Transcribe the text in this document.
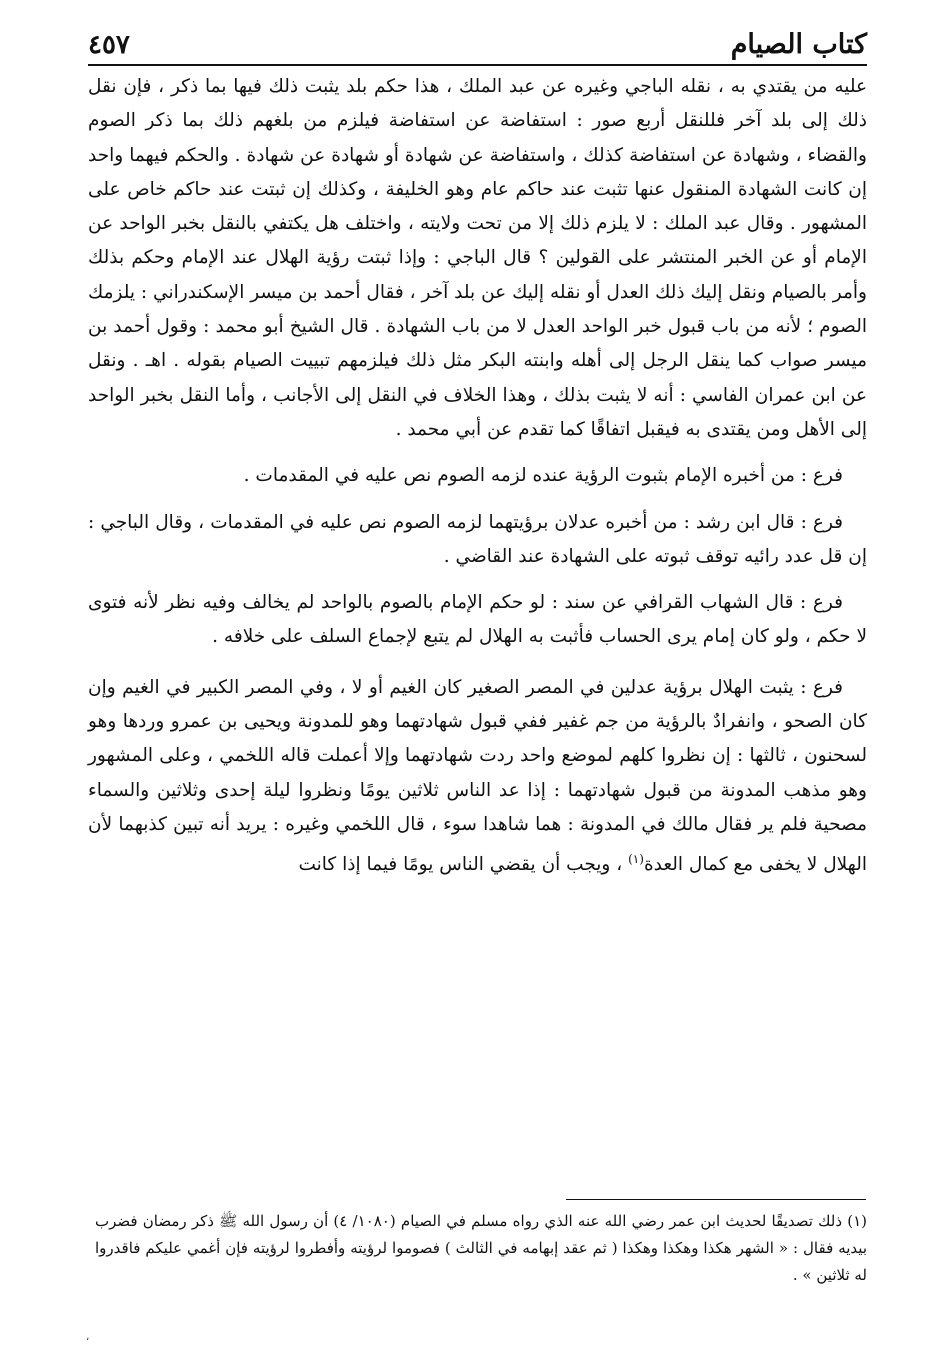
كتاب الصيام
٤٥٧

عليه من يقتدي به ، نقله الباجي وغيره عن عبد الملك ، هذا حكم بلد يثبت ذلك فيها بما ذكر ، فإن نقل ذلك إلى بلد آخر فللنقل أربع صور : استفاضة عن استفاضة فيلزم من بلغهم ذلك بما ذكر الصوم والقضاء ، وشهادة عن استفاضة كذلك ، واستفاضة عن شهادة أو شهادة عن شهادة . والحكم فيهما واحد إن كانت الشهادة المنقول عنها تثبت عند حاكم عام وهو الخليفة ، وكذلك إن ثبتت عند حاكم خاص على المشهور . وقال عبد الملك : لا يلزم ذلك إلا من تحت ولايته ، واختلف هل يكتفي بالنقل بخبر الواحد عن الإمام أو عن الخبر المنتشر على القولين ؟ قال الباجي : وإذا ثبتت رؤية الهلال عند الإمام وحكم بذلك وأمر بالصيام ونقل إليك ذلك العدل أو نقله إليك عن بلد آخر ، فقال أحمد بن ميسر الإسكندراني : يلزمك الصوم ؛ لأنه من باب قبول خبر الواحد العدل لا من باب الشهادة . قال الشيخ أبو محمد : وقول أحمد بن ميسر صواب كما ينقل الرجل إلى أهله وابنته البكر مثل ذلك فيلزمهم تبييت الصيام بقوله . اهـ . ونقل عن ابن عمران الفاسي : أنه لا يثبت بذلك ، وهذا الخلاف في النقل إلى الأجانب ، وأما النقل بخبر الواحد إلى الأهل ومن يقتدى به فيقبل اتفاقًا كما تقدم عن أبي محمد .

فرع : من أخبره الإمام بثبوت الرؤية عنده لزمه الصوم نص عليه في المقدمات .

فرع : قال ابن رشد : من أخبره عدلان برؤيتهما لزمه الصوم نص عليه في المقدمات ، وقال الباجي : إن قل عدد رائيه توقف ثبوته على الشهادة عند القاضي .

فرع : قال الشهاب القرافي عن سند : لو حكم الإمام بالصوم بالواحد لم يخالف وفيه نظر لأنه فتوى لا حكم ، ولو كان إمام يرى الحساب فأثبت به الهلال لم يتبع لإجماع السلف على خلافه .

فرع : يثبت الهلال برؤية عدلين في المصر الصغير كان الغيم أو لا ، وفي المصر الكبير في الغيم وإن كان الصحو ، وانفرادٌ بالرؤية من جم غفير ففي قبول شهادتهما وهو للمدونة ويحيى بن عمرو وردها وهو لسحنون ، ثالثها : إن نظروا كلهم لموضع واحد ردت شهادتهما وإلا أعملت قاله اللخمي ، وعلى المشهور وهو مذهب المدونة من قبول شهادتهما : إذا عد الناس ثلاثين يومًا ونظروا ليلة إحدى وثلاثين والسماء مصحية فلم ير فقال مالك في المدونة : هما شاهدا سوء ، قال اللخمي وغيره : يريد أنه تبين كذبهما لأن الهلال لا يخفى مع كمال العدة$^{(١)}$ ، ويجب أن يقضي الناس يومًا فيما إذا كانت

(١) ذلك تصديقًا لحديث ابن عمر رضي الله عنه الذي رواه مسلم في الصيام (١٠٨٠/ ٤) أن رسول الله ﷺ ذكر رمضان فضرب بيديه فقال : « الشهر هكذا وهكذا وهكذا ( ثم عقد إبهامه في الثالث ) فصوموا لرؤيته وأفطروا لرؤيته فإن أغمي عليكم فاقدروا له ثلاثين » .

،
